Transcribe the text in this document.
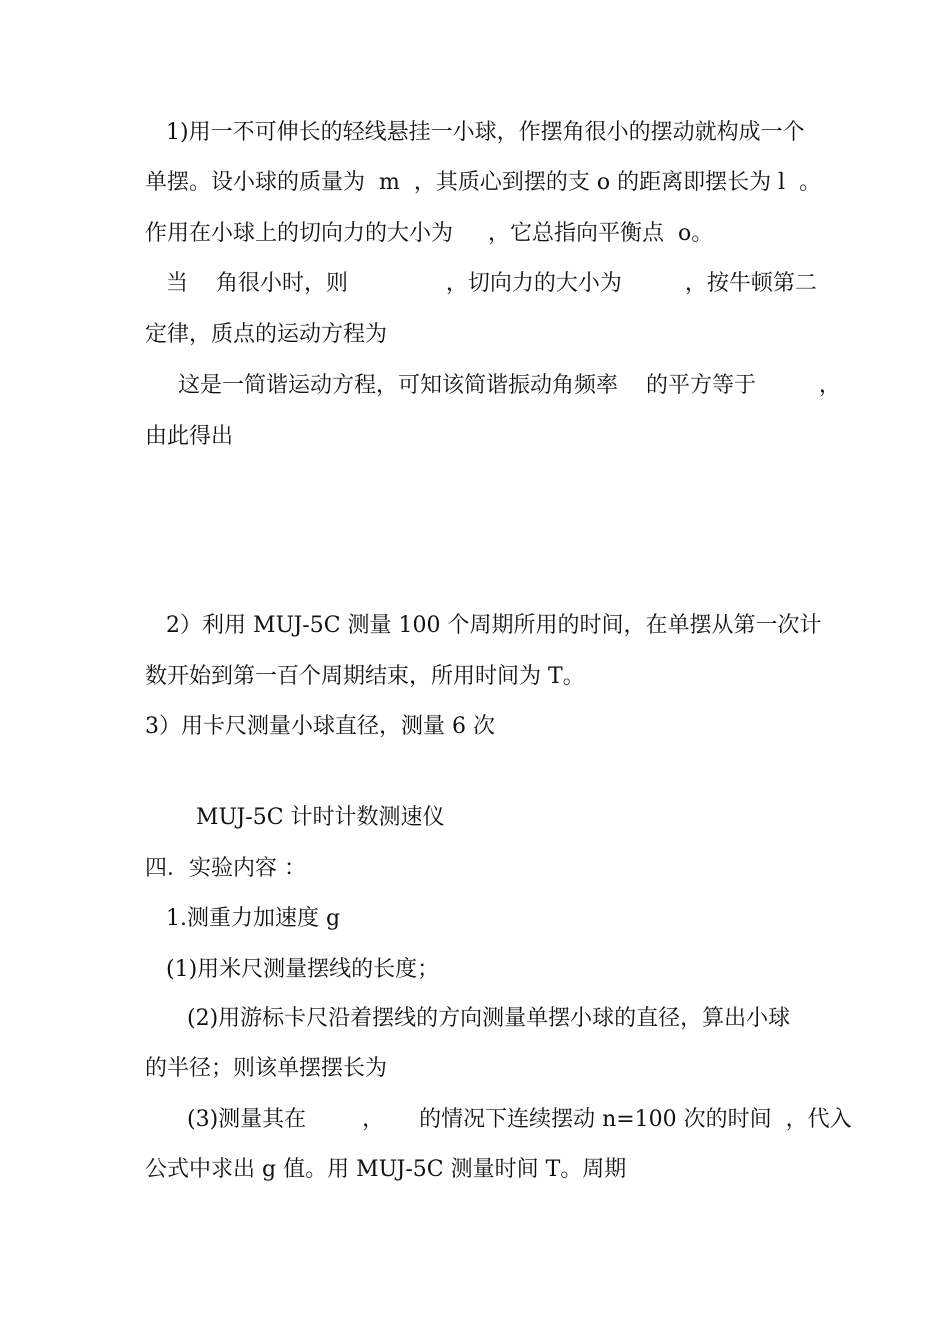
1)用一不可伸长的轻线悬挂一小球，作摆角很小的摆动就构成一个

单摆。设小球的质量为  m  ，其质心到摆的支 o 的距离即摆长为 l  。

作用在小球上的切向力的大小为     ，它总指向平衡点  o。

当    角很小时，则              ，切向力的大小为         ，按牛顿第二

定律，质点的运动方程为

这是一简谐运动方程，可知该简谐振动角频率    的平方等于         ，

由此得出

2）利用 MUJ-5C 测量 100 个周期所用的时间，在单摆从第一次计

数开始到第一百个周期结束，所用时间为 T。

3）用卡尺测量小球直径，测量 6 次

MUJ-5C 计时计数测速仪

四．实验内容 ：

1.测重力加速度 g

(1)用米尺测量摆线的长度；

(2)用游标卡尺沿着摆线的方向测量单摆小球的直径，算出小球

的半径；则该单摆摆长为

(3)测量其在        ，     的情况下连续摆动 n=100 次的时间  ，代入

公式中求出 g 值。用 MUJ-5C 测量时间 T。周期
